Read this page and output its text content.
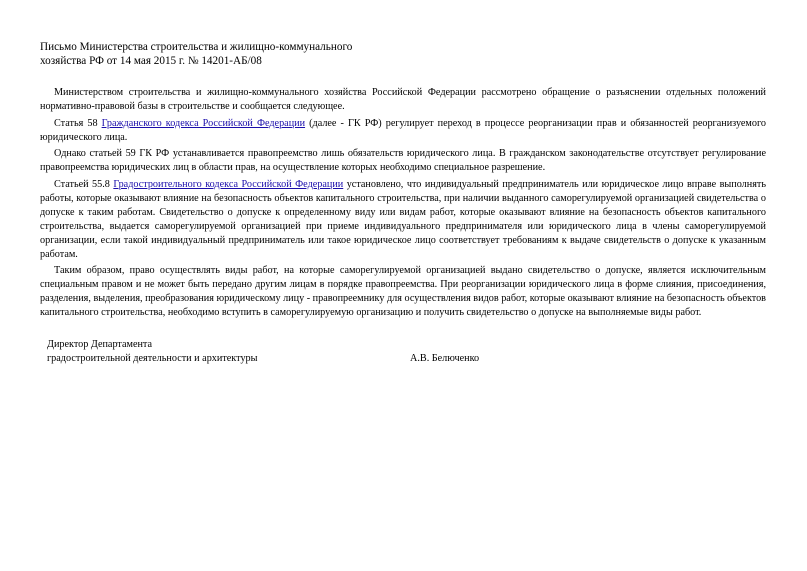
Письмо Министерства строительства и жилищно-коммунального
хозяйства РФ от 14 мая 2015 г. № 14201-АБ/08

Министерством строительства и жилищно-коммунального хозяйства Российской Федерации рассмотрено обращение о разъяснении отдельных положений нормативно-правовой базы в строительстве и сообщается следующее.

Статья 58 Гражданского кодекса Российской Федерации (далее - ГК РФ) регулирует переход в процессе реорганизации прав и обязанностей реорганизуемого юридического лица.

Однако статьей 59 ГК РФ устанавливается правопреемство лишь обязательств юридического лица. В гражданском законодательстве отсутствует регулирование правопреемства юридических лиц в области прав, на осуществление которых необходимо специальное разрешение.

Статьей 55.8 Градостроительного кодекса Российской Федерации установлено, что индивидуальный предприниматель или юридическое лицо вправе выполнять работы, которые оказывают влияние на безопасность объектов капитального строительства, при наличии выданного саморегулируемой организацией свидетельства о допуске к таким работам. Свидетельство о допуске к определенному виду или видам работ, которые оказывают влияние на безопасность объектов капитального строительства, выдается саморегулируемой организацией при приеме индивидуального предпринимателя или юридического лица в члены саморегулируемой организации, если такой индивидуальный предприниматель или такое юридическое лицо соответствует требованиям к выдаче свидетельств о допуске к указанным работам.

Таким образом, право осуществлять виды работ, на которые саморегулируемой организацией выдано свидетельство о допуске, является исключительным специальным правом и не может быть передано другим лицам в порядке правопреемства. При реорганизации юридического лица в форме слияния, присоединения, разделения, выделения, преобразования юридическому лицу - правопреемнику для осуществления видов работ, которые оказывают влияние на безопасность объектов капитального строительства, необходимо вступить в саморегулируемую организацию и получить свидетельство о допуске на выполняемые виды работ.

Директор Департамента
градостроительной деятельности и архитектуры	А.В. Белюченко
